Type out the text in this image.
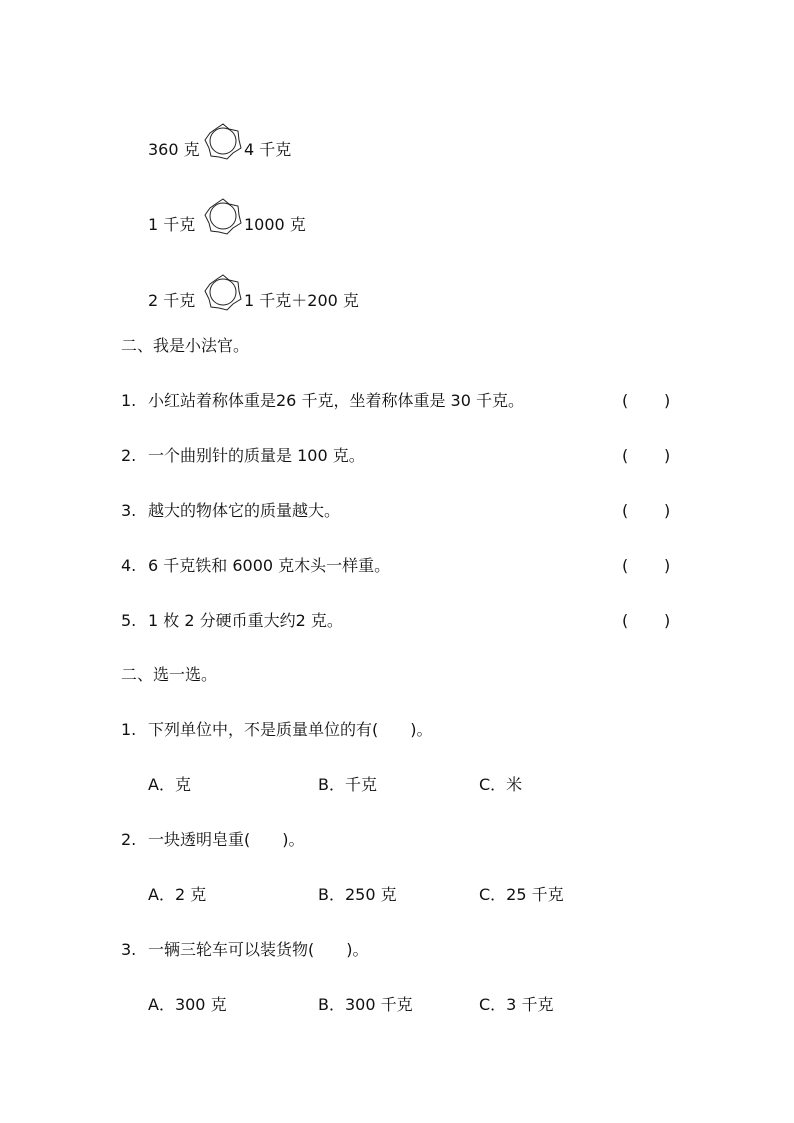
360 克	4 千克
1 千克	1000 克
2 千克	1 千克＋200 克
二、我是小法官。
1. 小红站着称体重是26 千克，坐着称体重是 30 千克。	( )
2. 一个曲别针的质量是 100 克。	( )
3. 越大的物体它的质量越大。	( )
4. 6 千克铁和 6000 克木头一样重。	( )
5. 1 枚 2 分硬币重大约2 克。	( )
二、选一选。
1. 下列单位中，不是质量单位的有(　　)。
A．克	B．千克	C．米
2. 一块透明皂重(　　)。
A．2 克	B．250 克	C．25 千克
3. 一辆三轮车可以装货物(　　)。
A．300 克	B．300 千克	C．3 千克
